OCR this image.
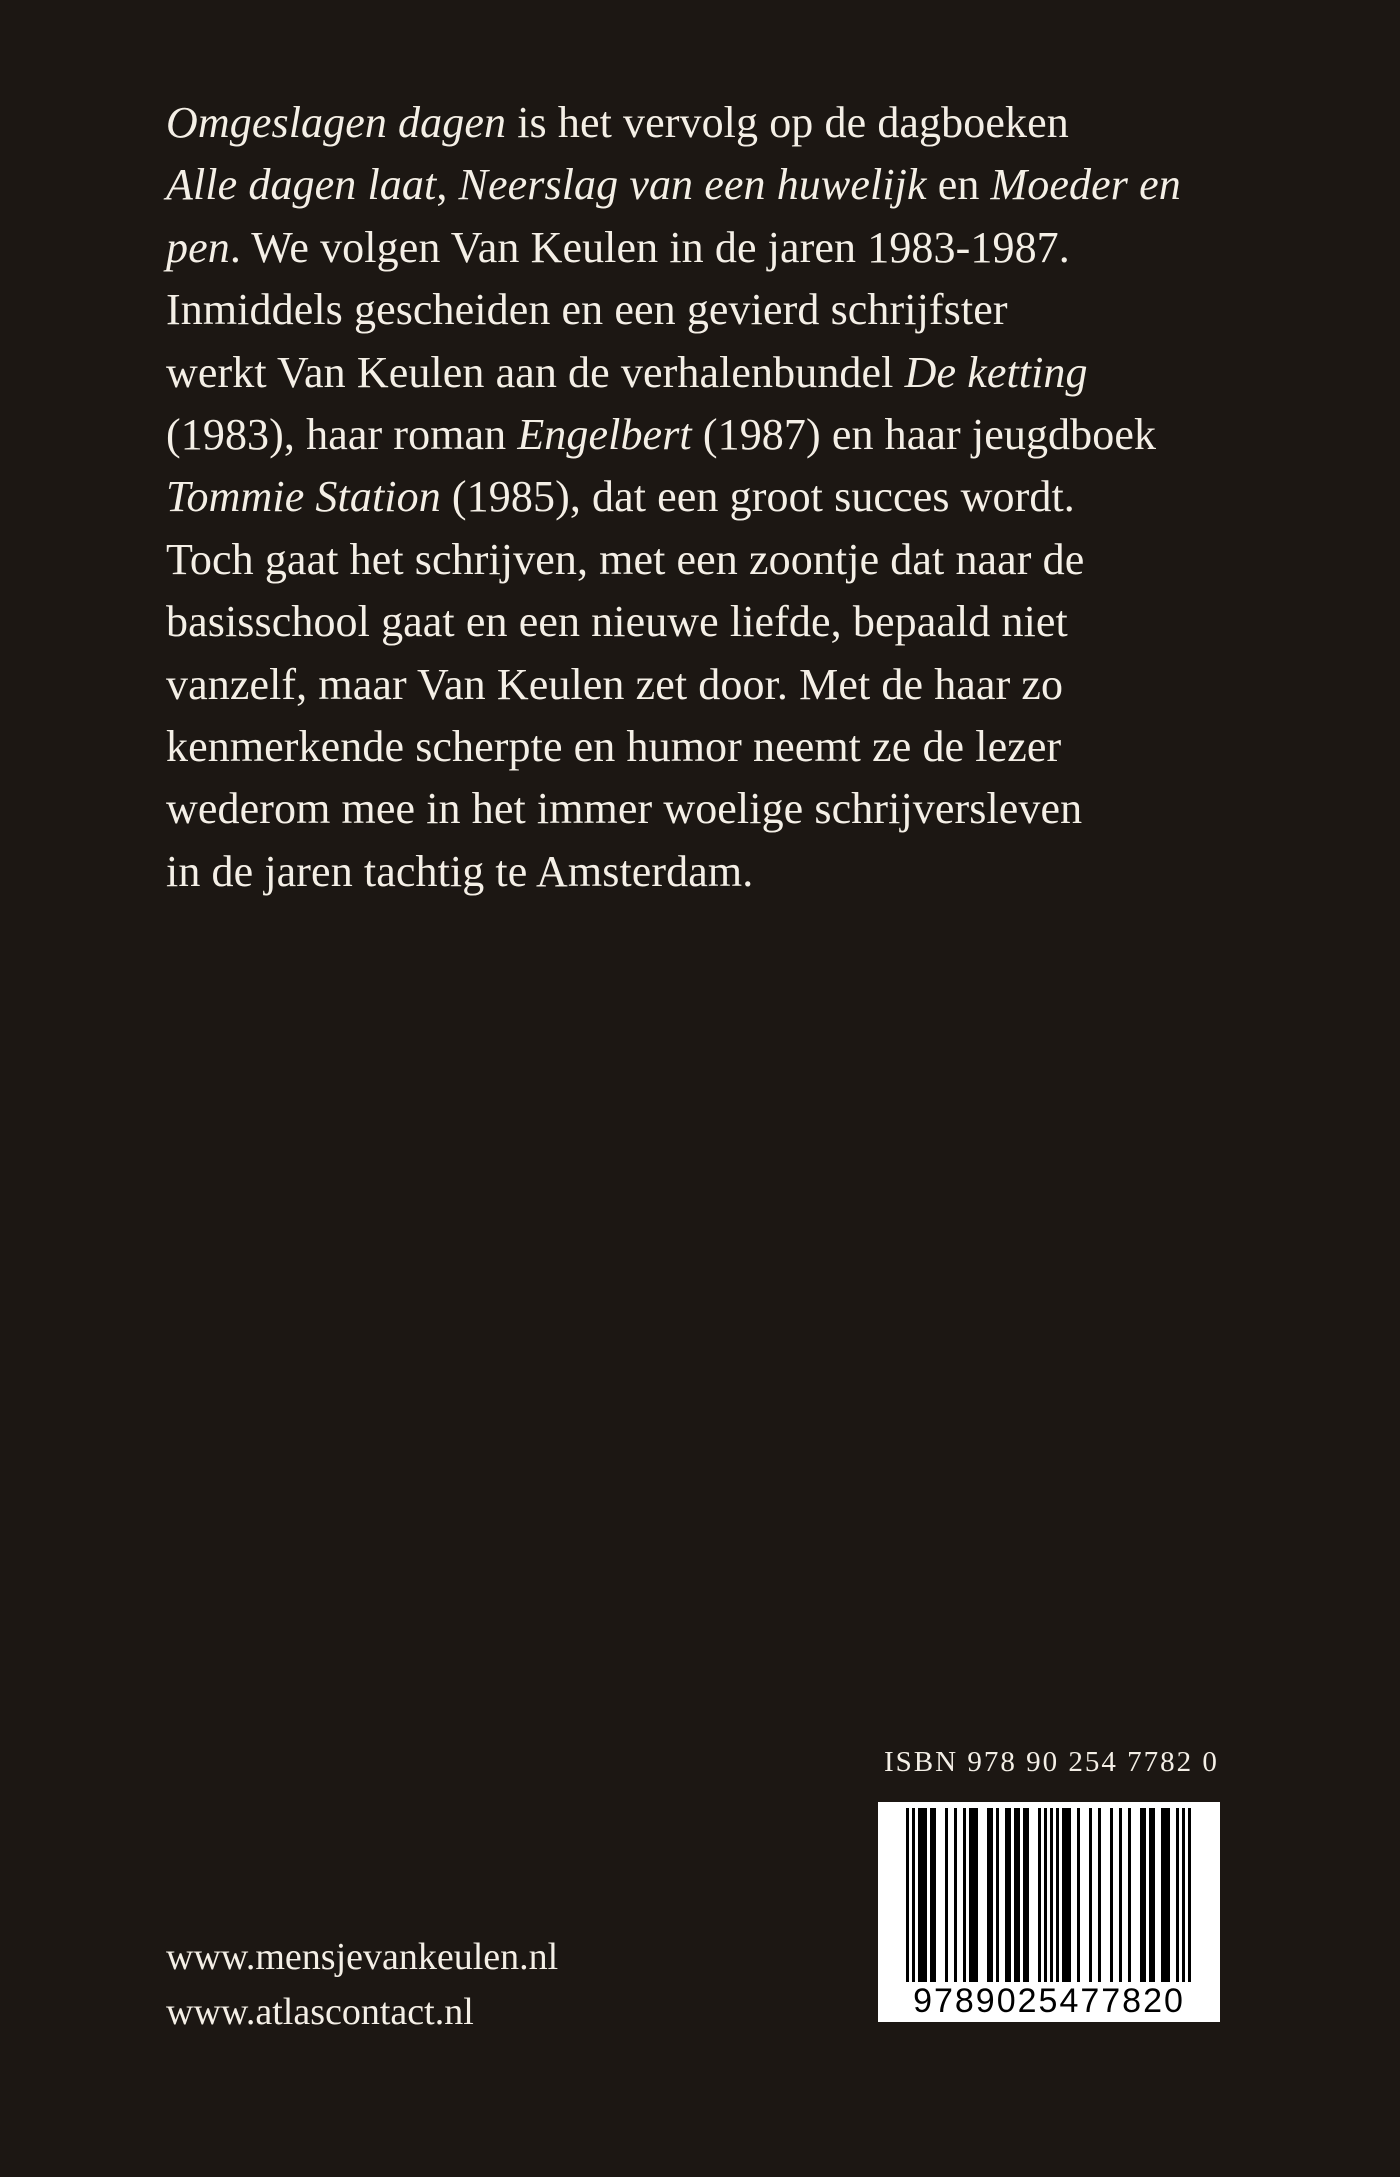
Omgeslagen dagen is het vervolg op de dagboeken
Alle dagen laat, Neerslag van een huwelijk en Moeder en
pen. We volgen Van Keulen in de jaren 1983-1987.
Inmiddels gescheiden en een gevierd schrijfster
werkt Van Keulen aan de verhalenbundel De ketting
(1983), haar roman Engelbert (1987) en haar jeugdboek
Tommie Station (1985), dat een groot succes wordt.
Toch gaat het schrijven, met een zoontje dat naar de
basisschool gaat en een nieuwe liefde, bepaald niet
vanzelf, maar Van Keulen zet door. Met de haar zo
kenmerkende scherpte en humor neemt ze de lezer
wederom mee in het immer woelige schrijversleven
in de jaren tachtig te Amsterdam.
ISBN 978 90 254 7782 0
9789025477820
www.mensjevankeulen.nl
www.atlascontact.nl
